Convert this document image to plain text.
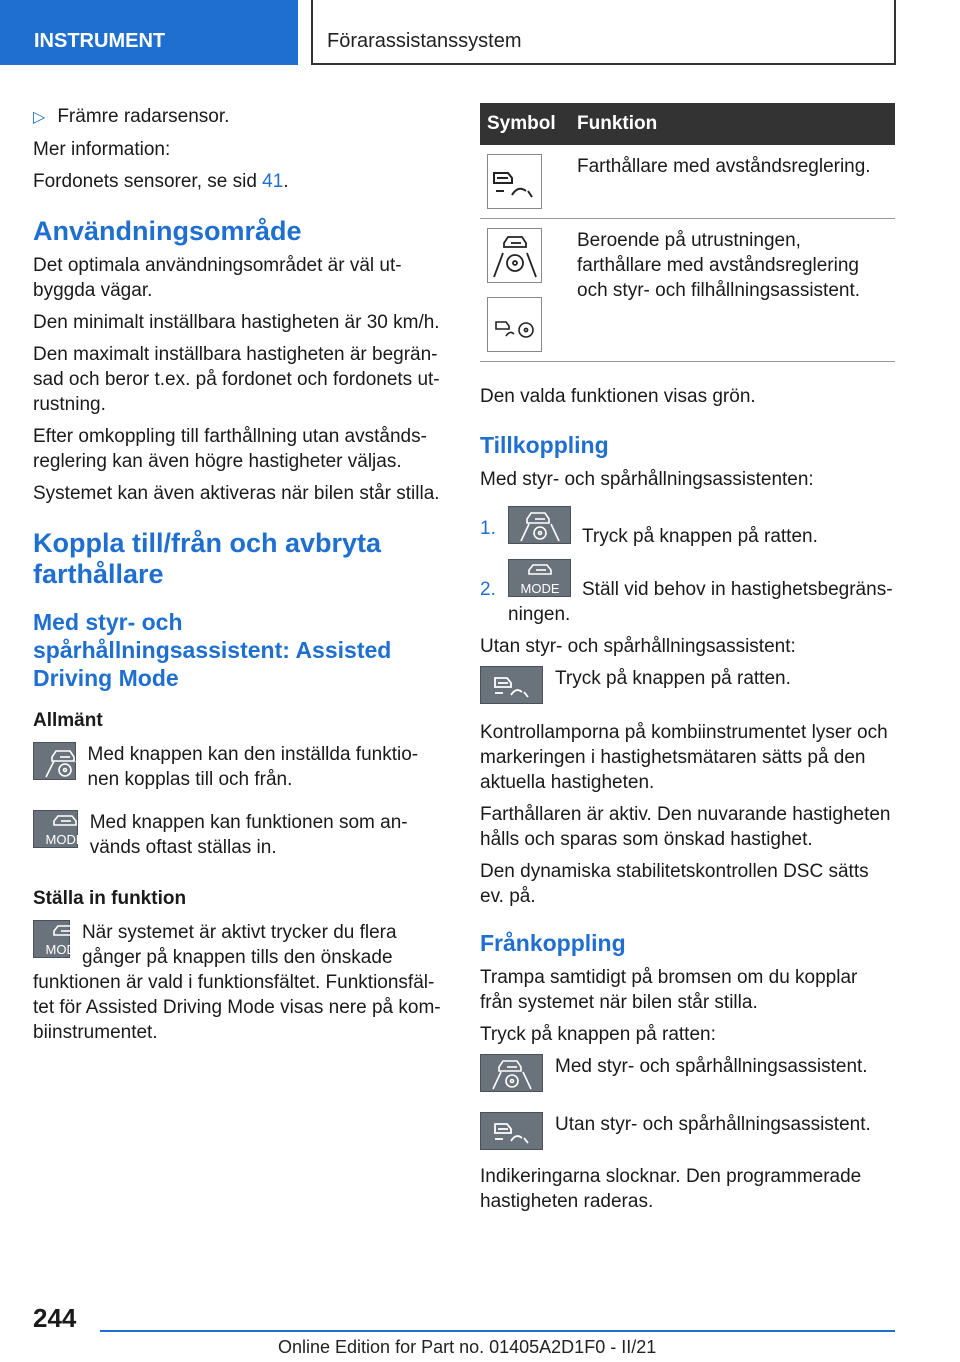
INSTRUMENT	Förarassistanssystem

▷ Främre radarsensor.

Mer information:

Fordonets sensorer, se sid 41.

Användningsområde

Det optimala användningsområdet är väl ut-byggda vägar.

Den minimalt inställbara hastigheten är 30 km/h.

Den maximalt inställbara hastigheten är begrän-sad och beror t.ex. på fordonet och fordonets ut-rustning.

Efter omkoppling till farthållning utan avstånds-reglering kan även högre hastigheter väljas.

Systemet kan även aktiveras när bilen står stilla.

Koppla till/från och avbryta farthållare
Med styr- och spårhållningsassistent: Assisted Driving Mode
Allmänt
Med knappen kan den inställda funktio-nen kopplas till och från.
MODE
Med knappen kan funktionen som an-vänds oftast ställas in.
Ställa in funktion
MODE
När systemet är aktivt trycker du flera gånger på knappen tills den önskade

funktionen är vald i funktionsfältet. Funktionsfäl-tet för Assisted Driving Mode visas nere på kom-biinstrumentet.

Symbol	Funktion

	Farthållare med avståndsreglering.

	Beroende på utrustningen, farthållare med avståndsreglering och styr- och filhållningsassistent.

Den valda funktionen visas grön.

Tillkoppling

Med styr- och spårhållningsassistenten:

1.	Tryck på knappen på ratten.
2.	MODE Ställ vid behov in hastighetsbegräns-

ningen.

Utan styr- och spårhållningsassistent:

Tryck på knappen på ratten.

Kontrollamporna på kombiinstrumentet lyser och markeringen i hastighetsmätaren sätts på den aktuella hastigheten.

Farthållaren är aktiv. Den nuvarande hastigheten hålls och sparas som önskad hastighet.

Den dynamiska stabilitetskontrollen DSC sätts ev. på.

Frånkoppling

Trampa samtidigt på bromsen om du kopplar från systemet när bilen står stilla.

Tryck på knappen på ratten:

Med styr- och spårhållningsassistent.
Utan styr- och spårhållningsassistent.

Indikeringarna slocknar. Den programmerade hastigheten raderas.

244
Online Edition for Part no. 01405A2D1F0 - II/21
